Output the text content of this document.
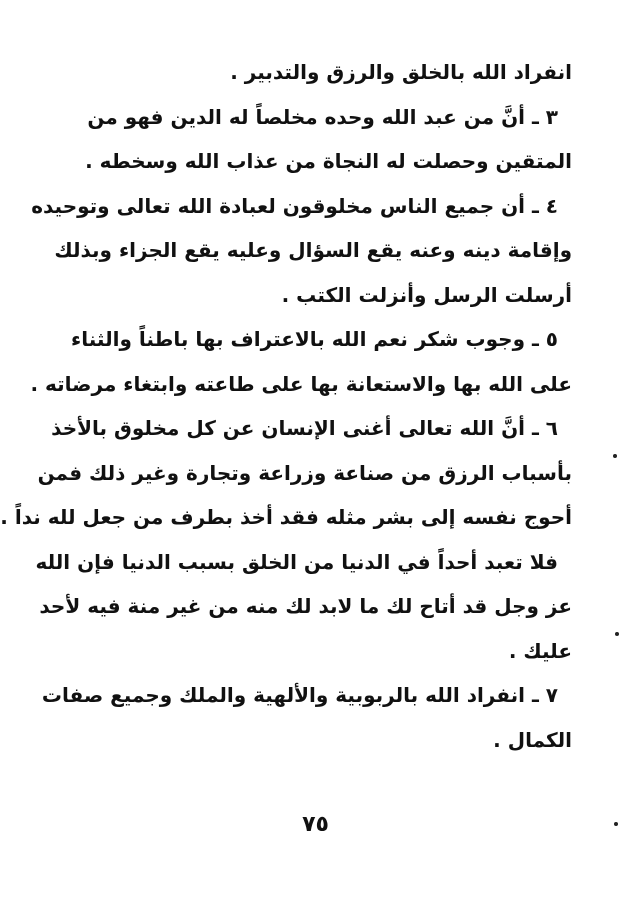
انفراد الله بالخلق والرزق والتدبير .
٣ ـ أنَّ من عبد الله وحده مخلصاً له الدين فهو من
المتقين وحصلت له النجاة من عذاب الله وسخطه .
٤ ـ أن جميع الناس مخلوقون لعبادة الله تعالى وتوحيده
وإقامة دينه وعنه يقع السؤال وعليه يقع الجزاء وبذلك
أرسلت الرسل وأنزلت الكتب .
٥ ـ وجوب شكر نعم الله بالاعتراف بها باطناً والثناء
على الله بها والاستعانة بها على طاعته وابتغاء مرضاته .
٦ ـ أنَّ الله تعالى أغنى الإنسان عن كل مخلوق بالأخذ
بأسباب الرزق من صناعة وزراعة وتجارة وغير ذلك فمن
أحوج نفسه إلى بشر مثله فقد أخذ بطرف من جعل لله نداً .
فلا تعبد أحداً في الدنيا من الخلق بسبب الدنيا فإن الله
عز وجل قد أتاح لك ما لابد لك منه من غير منة فيه لأحد
عليك .
٧ ـ انفراد الله بالربوبية والألهية والملك وجميع صفات
الكمال .
٧٥
